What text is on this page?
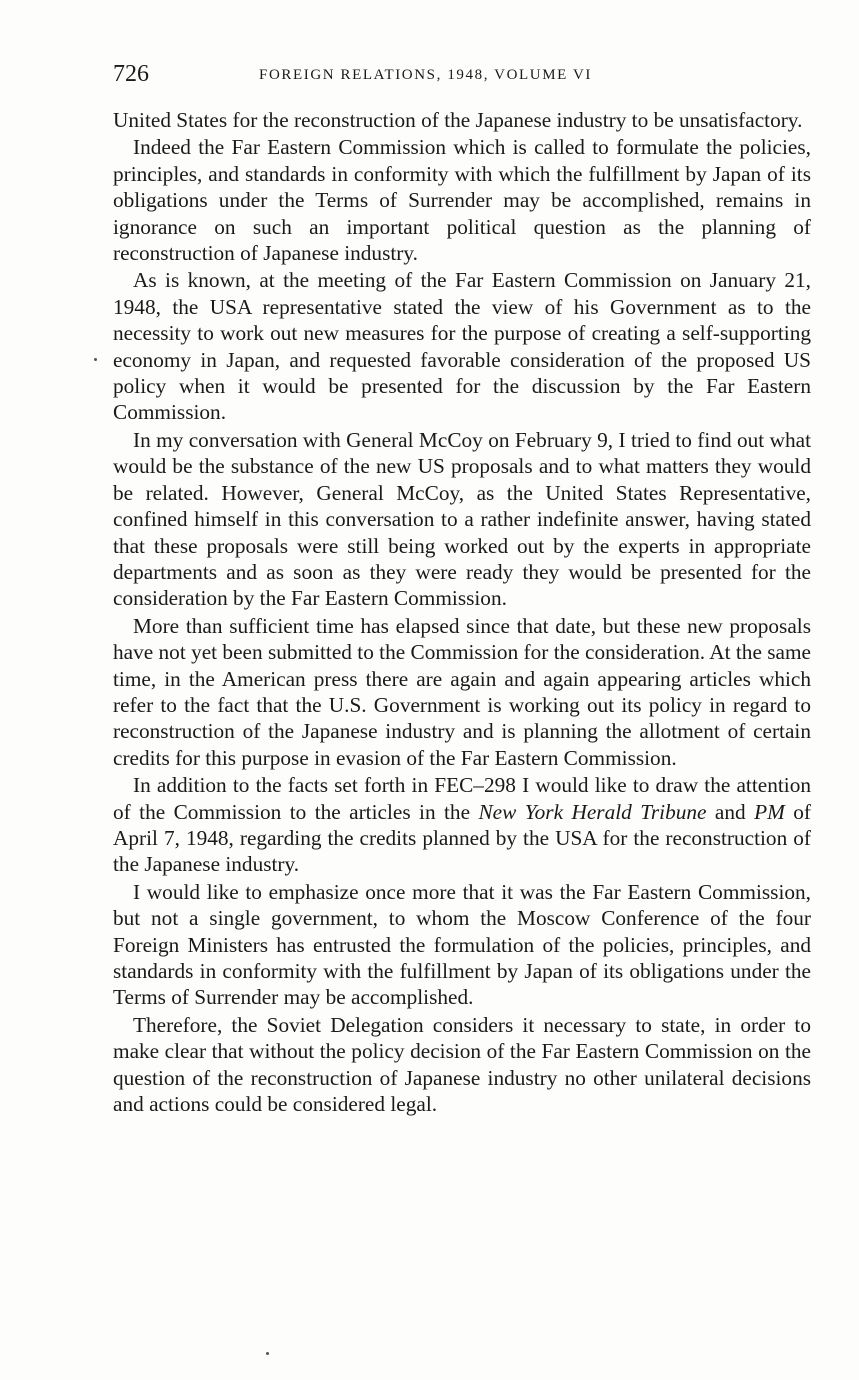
726	FOREIGN RELATIONS, 1948, VOLUME VI

United States for the reconstruction of the Japanese industry to be unsatisfactory.

Indeed the Far Eastern Commission which is called to formulate the policies, principles, and standards in conformity with which the fulfillment by Japan of its obligations under the Terms of Surrender may be accomplished, remains in ignorance on such an important political question as the planning of reconstruction of Japanese industry.

As is known, at the meeting of the Far Eastern Commission on January 21, 1948, the USA representative stated the view of his Government as to the necessity to work out new measures for the purpose of creating a self-supporting economy in Japan, and requested favorable consideration of the proposed US policy when it would be presented for the discussion by the Far Eastern Commission.

In my conversation with General McCoy on February 9, I tried to find out what would be the substance of the new US proposals and to what matters they would be related. However, General McCoy, as the United States Representative, confined himself in this conversation to a rather indefinite answer, having stated that these proposals were still being worked out by the experts in appropriate departments and as soon as they were ready they would be presented for the consideration by the Far Eastern Commission.

More than sufficient time has elapsed since that date, but these new proposals have not yet been submitted to the Commission for the consideration. At the same time, in the American press there are again and again appearing articles which refer to the fact that the U.S. Government is working out its policy in regard to reconstruction of the Japanese industry and is planning the allotment of certain credits for this purpose in evasion of the Far Eastern Commission.

In addition to the facts set forth in FEC–298 I would like to draw the attention of the Commission to the articles in the New York Herald Tribune and PM of April 7, 1948, regarding the credits planned by the USA for the reconstruction of the Japanese industry.

I would like to emphasize once more that it was the Far Eastern Commission, but not a single government, to whom the Moscow Conference of the four Foreign Ministers has entrusted the formulation of the policies, principles, and standards in conformity with the fulfillment by Japan of its obligations under the Terms of Surrender may be accomplished.

Therefore, the Soviet Delegation considers it necessary to state, in order to make clear that without the policy decision of the Far Eastern Commission on the question of the reconstruction of Japanese industry no other unilateral decisions and actions could be considered legal.
